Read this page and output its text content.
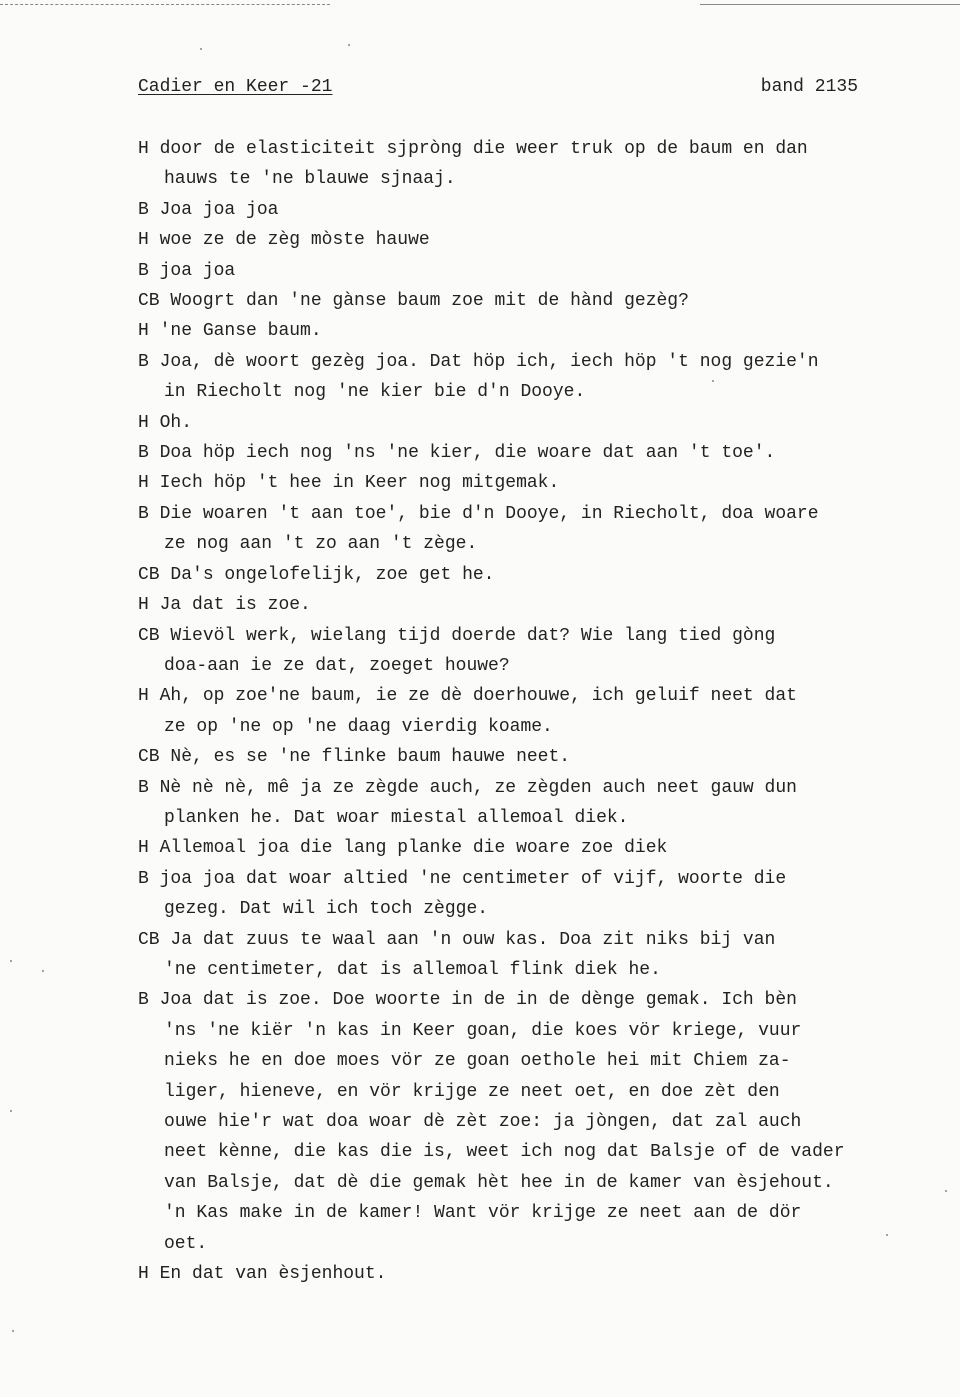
Cadier en Keer -21	band 2135
H door de elasticiteit sjpròng die weer truk op de baum en dan
hauws te 'ne blauwe sjnaaj.
B Joa joa joa
H woe ze de zèg mòste hauwe
B joa joa
CB Woogrt dan 'ne gànse baum zoe mit de hànd gezèg?
H 'ne Ganse baum.
B Joa, dè woort gezèg joa. Dat höp ich, iech höp 't nog gezie'n
in Riecholt nog 'ne kier bie d'n Dooye.
H Oh.
B Doa höp iech nog 'ns 'ne kier, die woare dat aan 't toe'.
H Iech höp 't hee in Keer nog mitgemak.
B Die woaren 't aan toe', bie d'n Dooye, in Riecholt, doa woare
ze nog aan 't zo aan 't zège.
CB Da's ongelofelijk, zoe get he.
H Ja dat is zoe.
CB Wievöl werk, wielang tijd doerde dat? Wie lang tied gòng
doa-aan ie ze dat, zoeget houwe?
H Ah, op zoe'ne baum, ie ze dè doerhouwe, ich geluif neet dat
ze op 'ne op 'ne daag vierdig koame.
CB Nè, es se 'ne flinke baum hauwe neet.
B Nè nè nè, mê ja ze zègde auch, ze zègden auch neet gauw dun
planken he. Dat woar miestal allemoal diek.
H Allemoal joa die lang planke die woare zoe diek
B joa joa dat woar altied 'ne centimeter of vijf, woorte die
gezeg. Dat wil ich toch zègge.
CB Ja dat zuus te waal aan 'n ouw kas. Doa zit niks bij van
'ne centimeter, dat is allemoal flink diek he.
B Joa dat is zoe. Doe woorte in de in de dènge gemak. Ich bèn
'ns 'ne kiër 'n kas in Keer goan, die koes vör kriege, vuur
nieks he en doe moes vör ze goan oethole hei mit Chiem za-
liger, hieneve, en vör krijge ze neet oet, en doe zèt den
ouwe hie'r wat doa woar dè zèt zoe: ja jòngen, dat zal auch
neet kènne, die kas die is, weet ich nog dat Balsje of de vader
van Balsje, dat dè die gemak hèt hee in de kamer van èsjehout.
'n Kas make in de kamer! Want vör krijge ze neet aan de dör
oet.
H En dat van èsjenhout.
